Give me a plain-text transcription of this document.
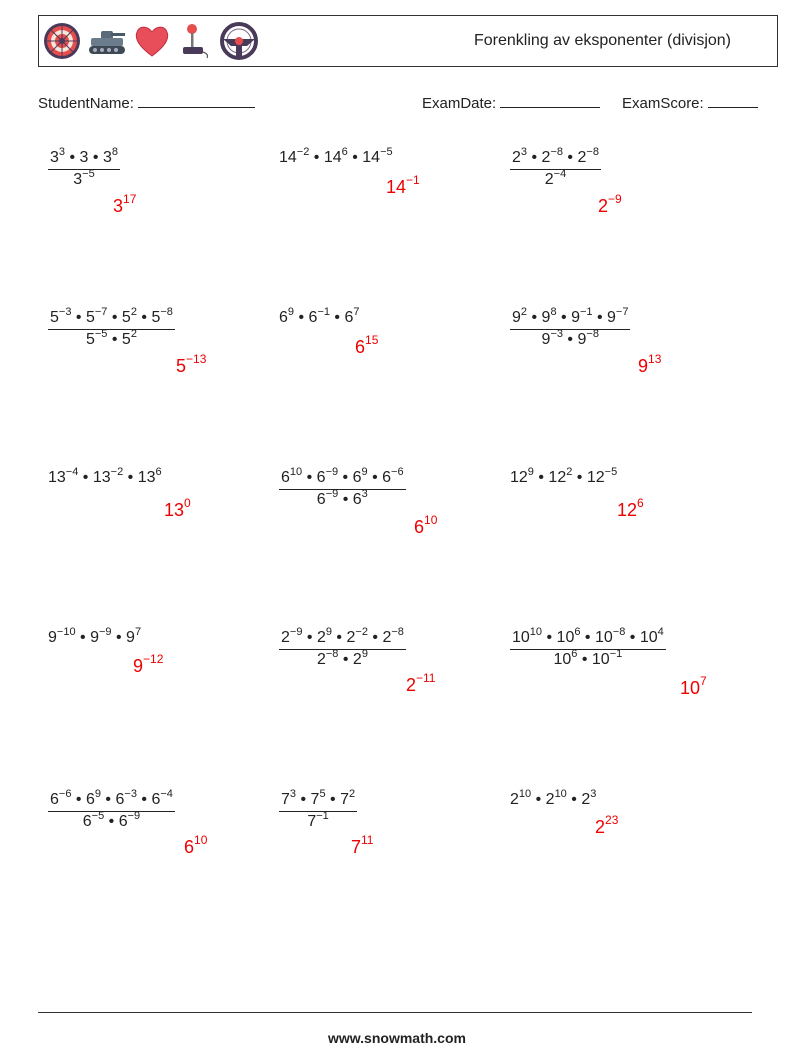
Forenkling av eksponenter (divisjon)
StudentName:	ExamDate:	ExamScore:
$\frac{3^3 • 3 • 3^8}{3^{-5}}$
$3^{17}$
$14^{-2}$ • $14^6$ • $14^{-5}$
$14^{-1}$	$\frac{2^3 • 2^{-8} • 2^{-8}}{2^{-4}}$
$2^{-9}$
$\frac{5^{-3} • 5^{-7} • 5^2 • 5^{-8}}{5^{-5} • 5^2}$
$5^{-13}$
$6^9$ • $6^{-1}$ • $6^7$
$6^{15}$	$\frac{9^2 • 9^8 • 9^{-1} • 9^{-7}}{9^{-3} • 9^{-8}}$
$9^{13}$
$13^{-4}$ • $13^{-2}$ • $13^6$
$13^0$	$\frac{6^{10} • 6^{-9} • 6^9 • 6^{-6}}{6^{-9} • 6^3}$
$6^{10}$
$12^9$ • $12^2$ • $12^{-5}$
$12^6$
$9^{-10}$ • $9^{-9}$ • $9^7$
$9^{-12}$	$\frac{2^{-9} • 2^9 • 2^{-2} • 2^{-8}}{2^{-8} • 2^9}$
$2^{-11}$
$\frac{10^{10} • 10^6 • 10^{-8} • 10^4}{10^6 • 10^{-1}}$
$10^7$
$\frac{6^{-6} • 6^9 • 6^{-3} • 6^{-4}}{6^{-5} • 6^{-9}}$
$6^{10}$
$\frac{7^3 • 7^5 • 7^2}{7^{-1}}$
$7^{11}$
$2^{10}$ • $2^{10}$ • $2^3$
$2^{23}$
www.snowmath.com
